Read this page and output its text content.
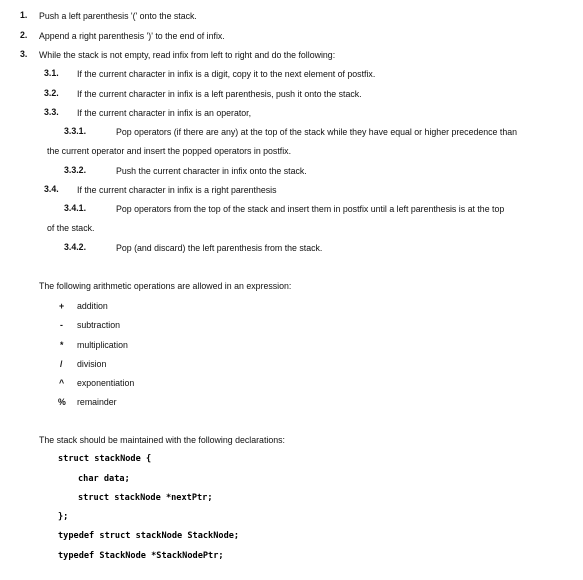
1. Push a left parenthesis '(' onto the stack.
2. Append a right parenthesis ')' to the end of infix.
3. While the stack is not empty, read infix from left to right and do the following:
3.1. If the current character in infix is a digit, copy it to the next element of postfix.
3.2. If the current character in infix is a left parenthesis, push it onto the stack.
3.3. If the current character in infix is an operator,
3.3.1.	Pop operators (if there are any) at the top of the stack while they have equal or higher precedence than
the current operator and insert the popped operators in postfix.
3.3.2.	Push the current character in infix onto the stack.
3.4. If the current character in infix is a right parenthesis
3.4.1.	Pop operators from the top of the stack and insert them in postfix until a left parenthesis is at the top
of the stack.
3.4.2.	Pop (and discard) the left parenthesis from the stack.
The following arithmetic operations are allowed in an expression:
+ addition
- subtraction
* multiplication
/ division
^ exponentiation
% remainder
The stack should be maintained with the following declarations:
struct stackNode {
char data;
struct stackNode *nextPtr;
};
typedef struct stackNode StackNode;
typedef StackNode *StackNodePtr;
